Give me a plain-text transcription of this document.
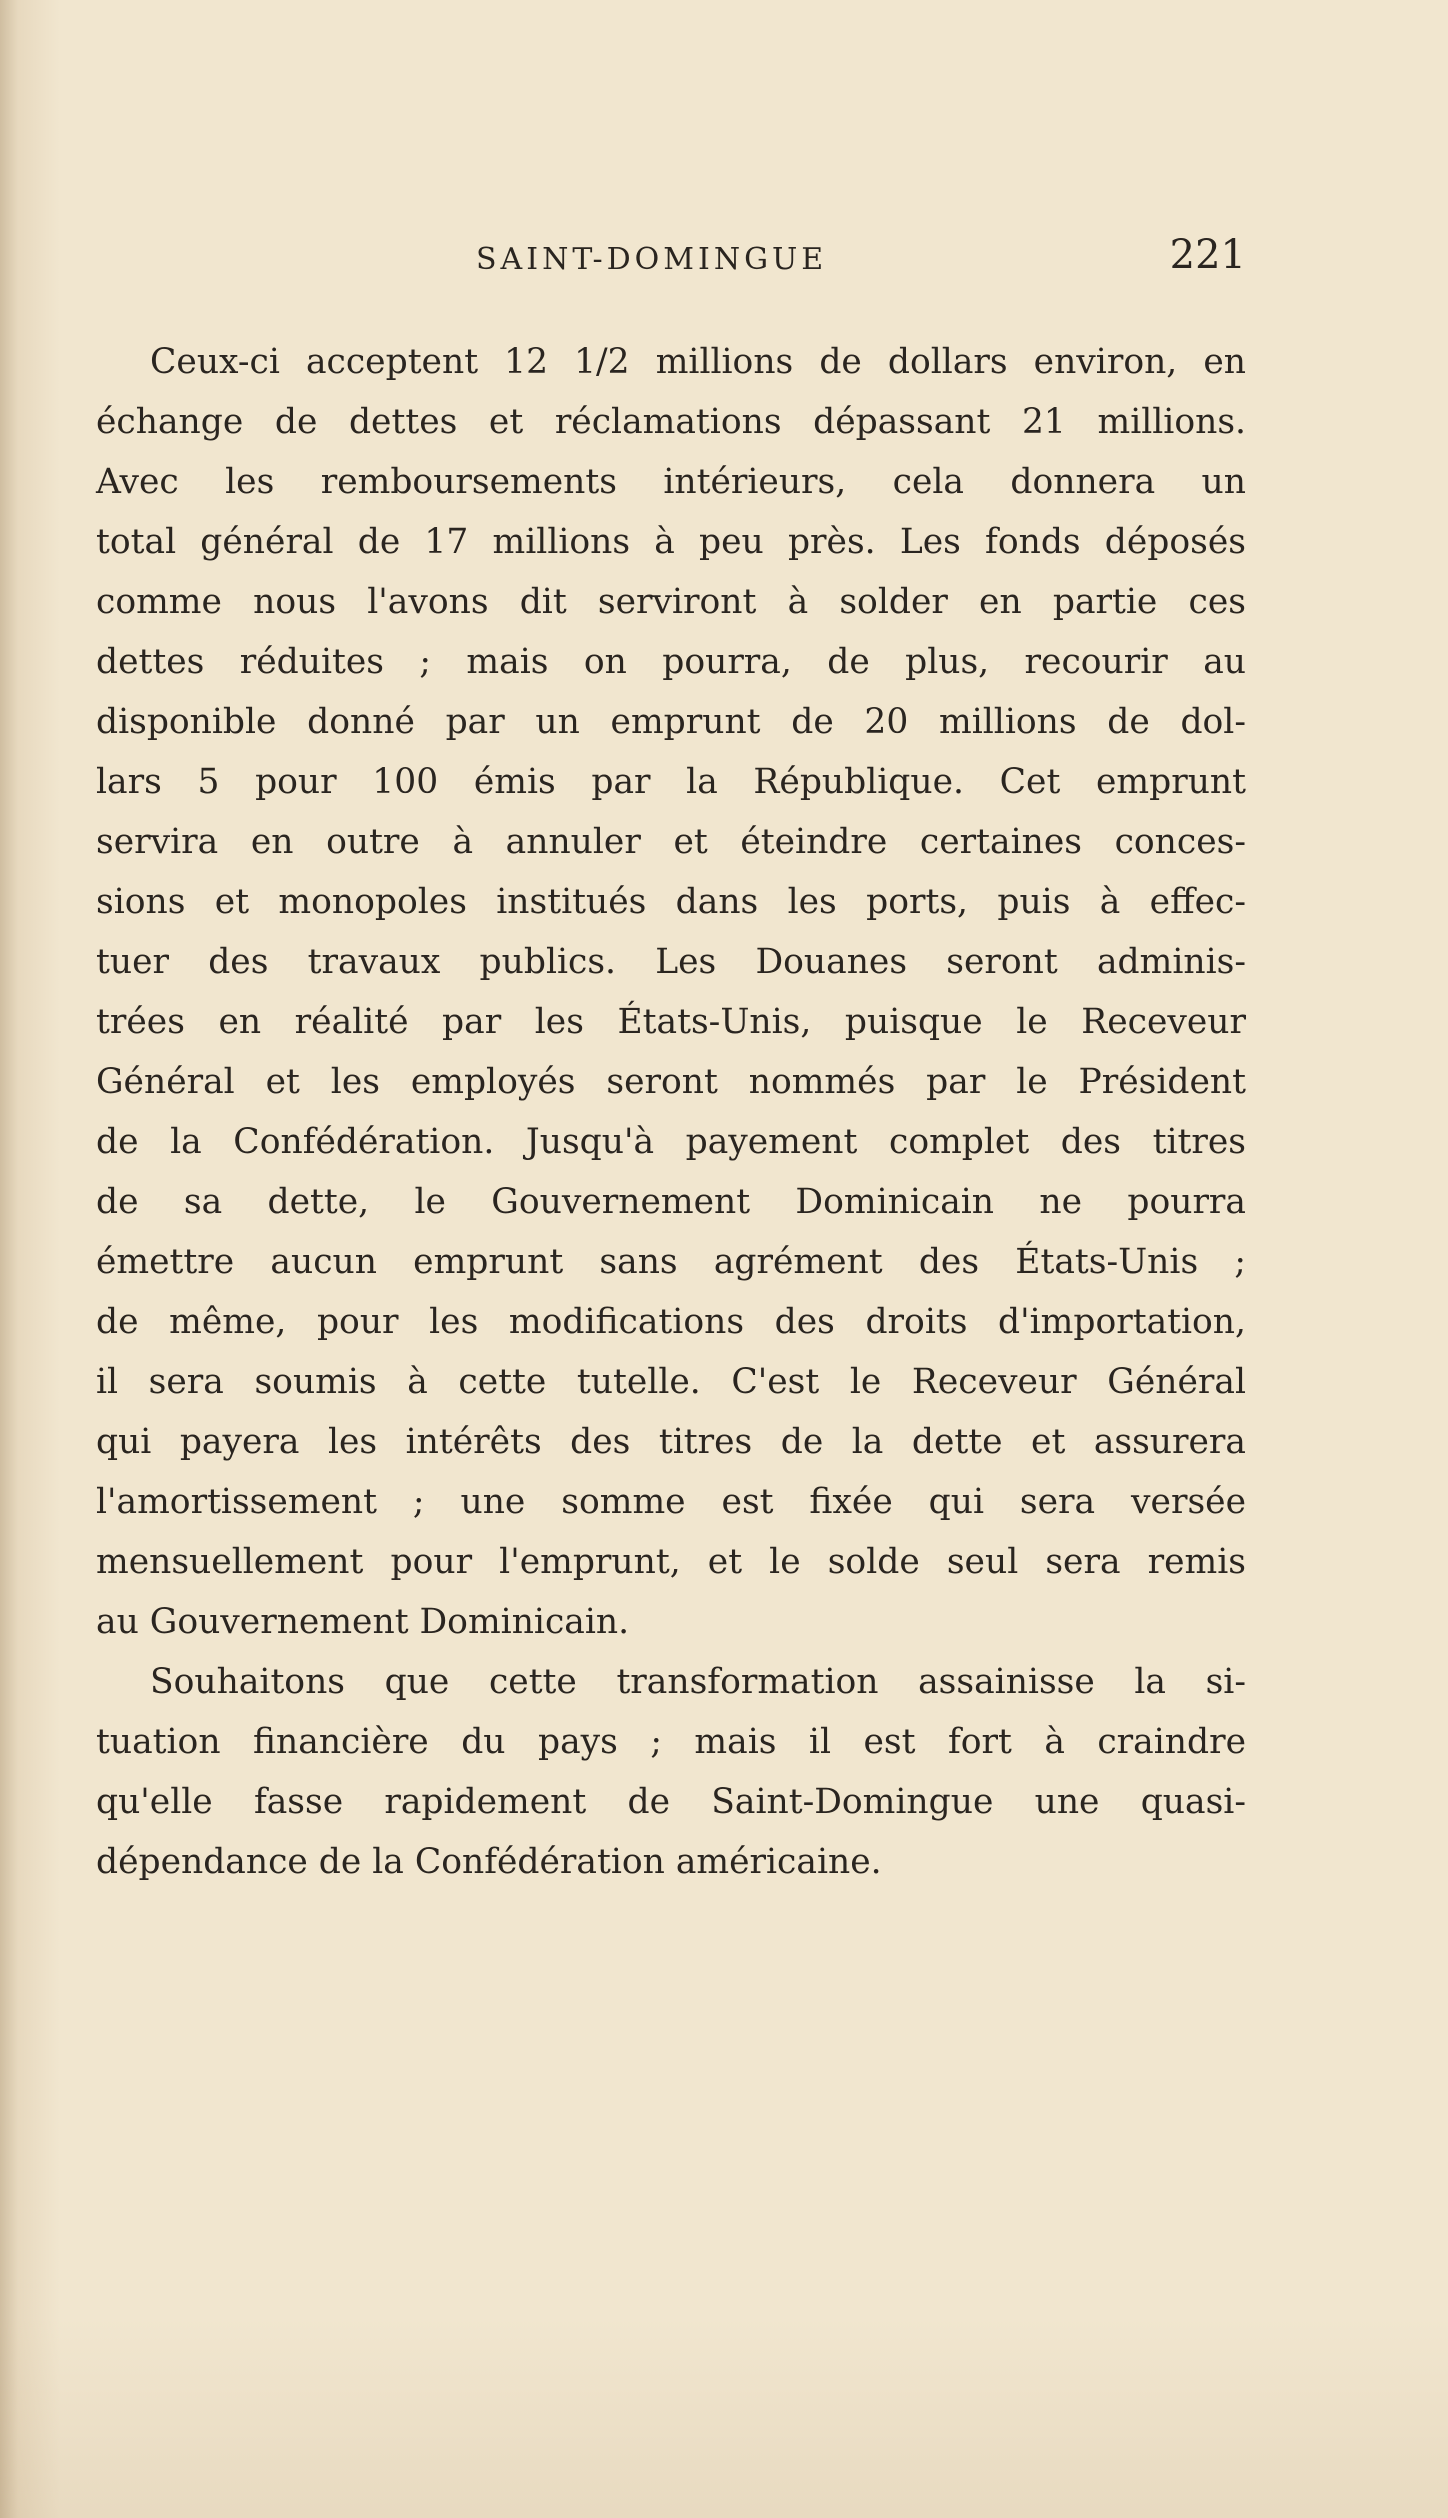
SAINT-DOMINGUE	221
Ceux-ci acceptent 12 1/2 millions de dollars environ, en
échange de dettes et réclamations dépassant 21 millions.
Avec les remboursements intérieurs, cela donnera un
total général de 17 millions à peu près. Les fonds déposés
comme nous l'avons dit serviront à solder en partie ces
dettes réduites ; mais on pourra, de plus, recourir au
disponible donné par un emprunt de 20 millions de dol-
lars 5 pour 100 émis par la République. Cet emprunt
servira en outre à annuler et éteindre certaines conces-
sions et monopoles institués dans les ports, puis à effec-
tuer des travaux publics. Les Douanes seront adminis-
trées en réalité par les États-Unis, puisque le Receveur
Général et les employés seront nommés par le Président
de la Confédération. Jusqu'à payement complet des titres
de sa dette, le Gouvernement Dominicain ne pourra
émettre aucun emprunt sans agrément des États-Unis ;
de même, pour les modifications des droits d'importation,
il sera soumis à cette tutelle. C'est le Receveur Général
qui payera les intérêts des titres de la dette et assurera
l'amortissement ; une somme est fixée qui sera versée
mensuellement pour l'emprunt, et le solde seul sera remis
au Gouvernement Dominicain.
Souhaitons que cette transformation assainisse la si-
tuation financière du pays ; mais il est fort à craindre
qu'elle fasse rapidement de Saint-Domingue une quasi-
dépendance de la Confédération américaine.
